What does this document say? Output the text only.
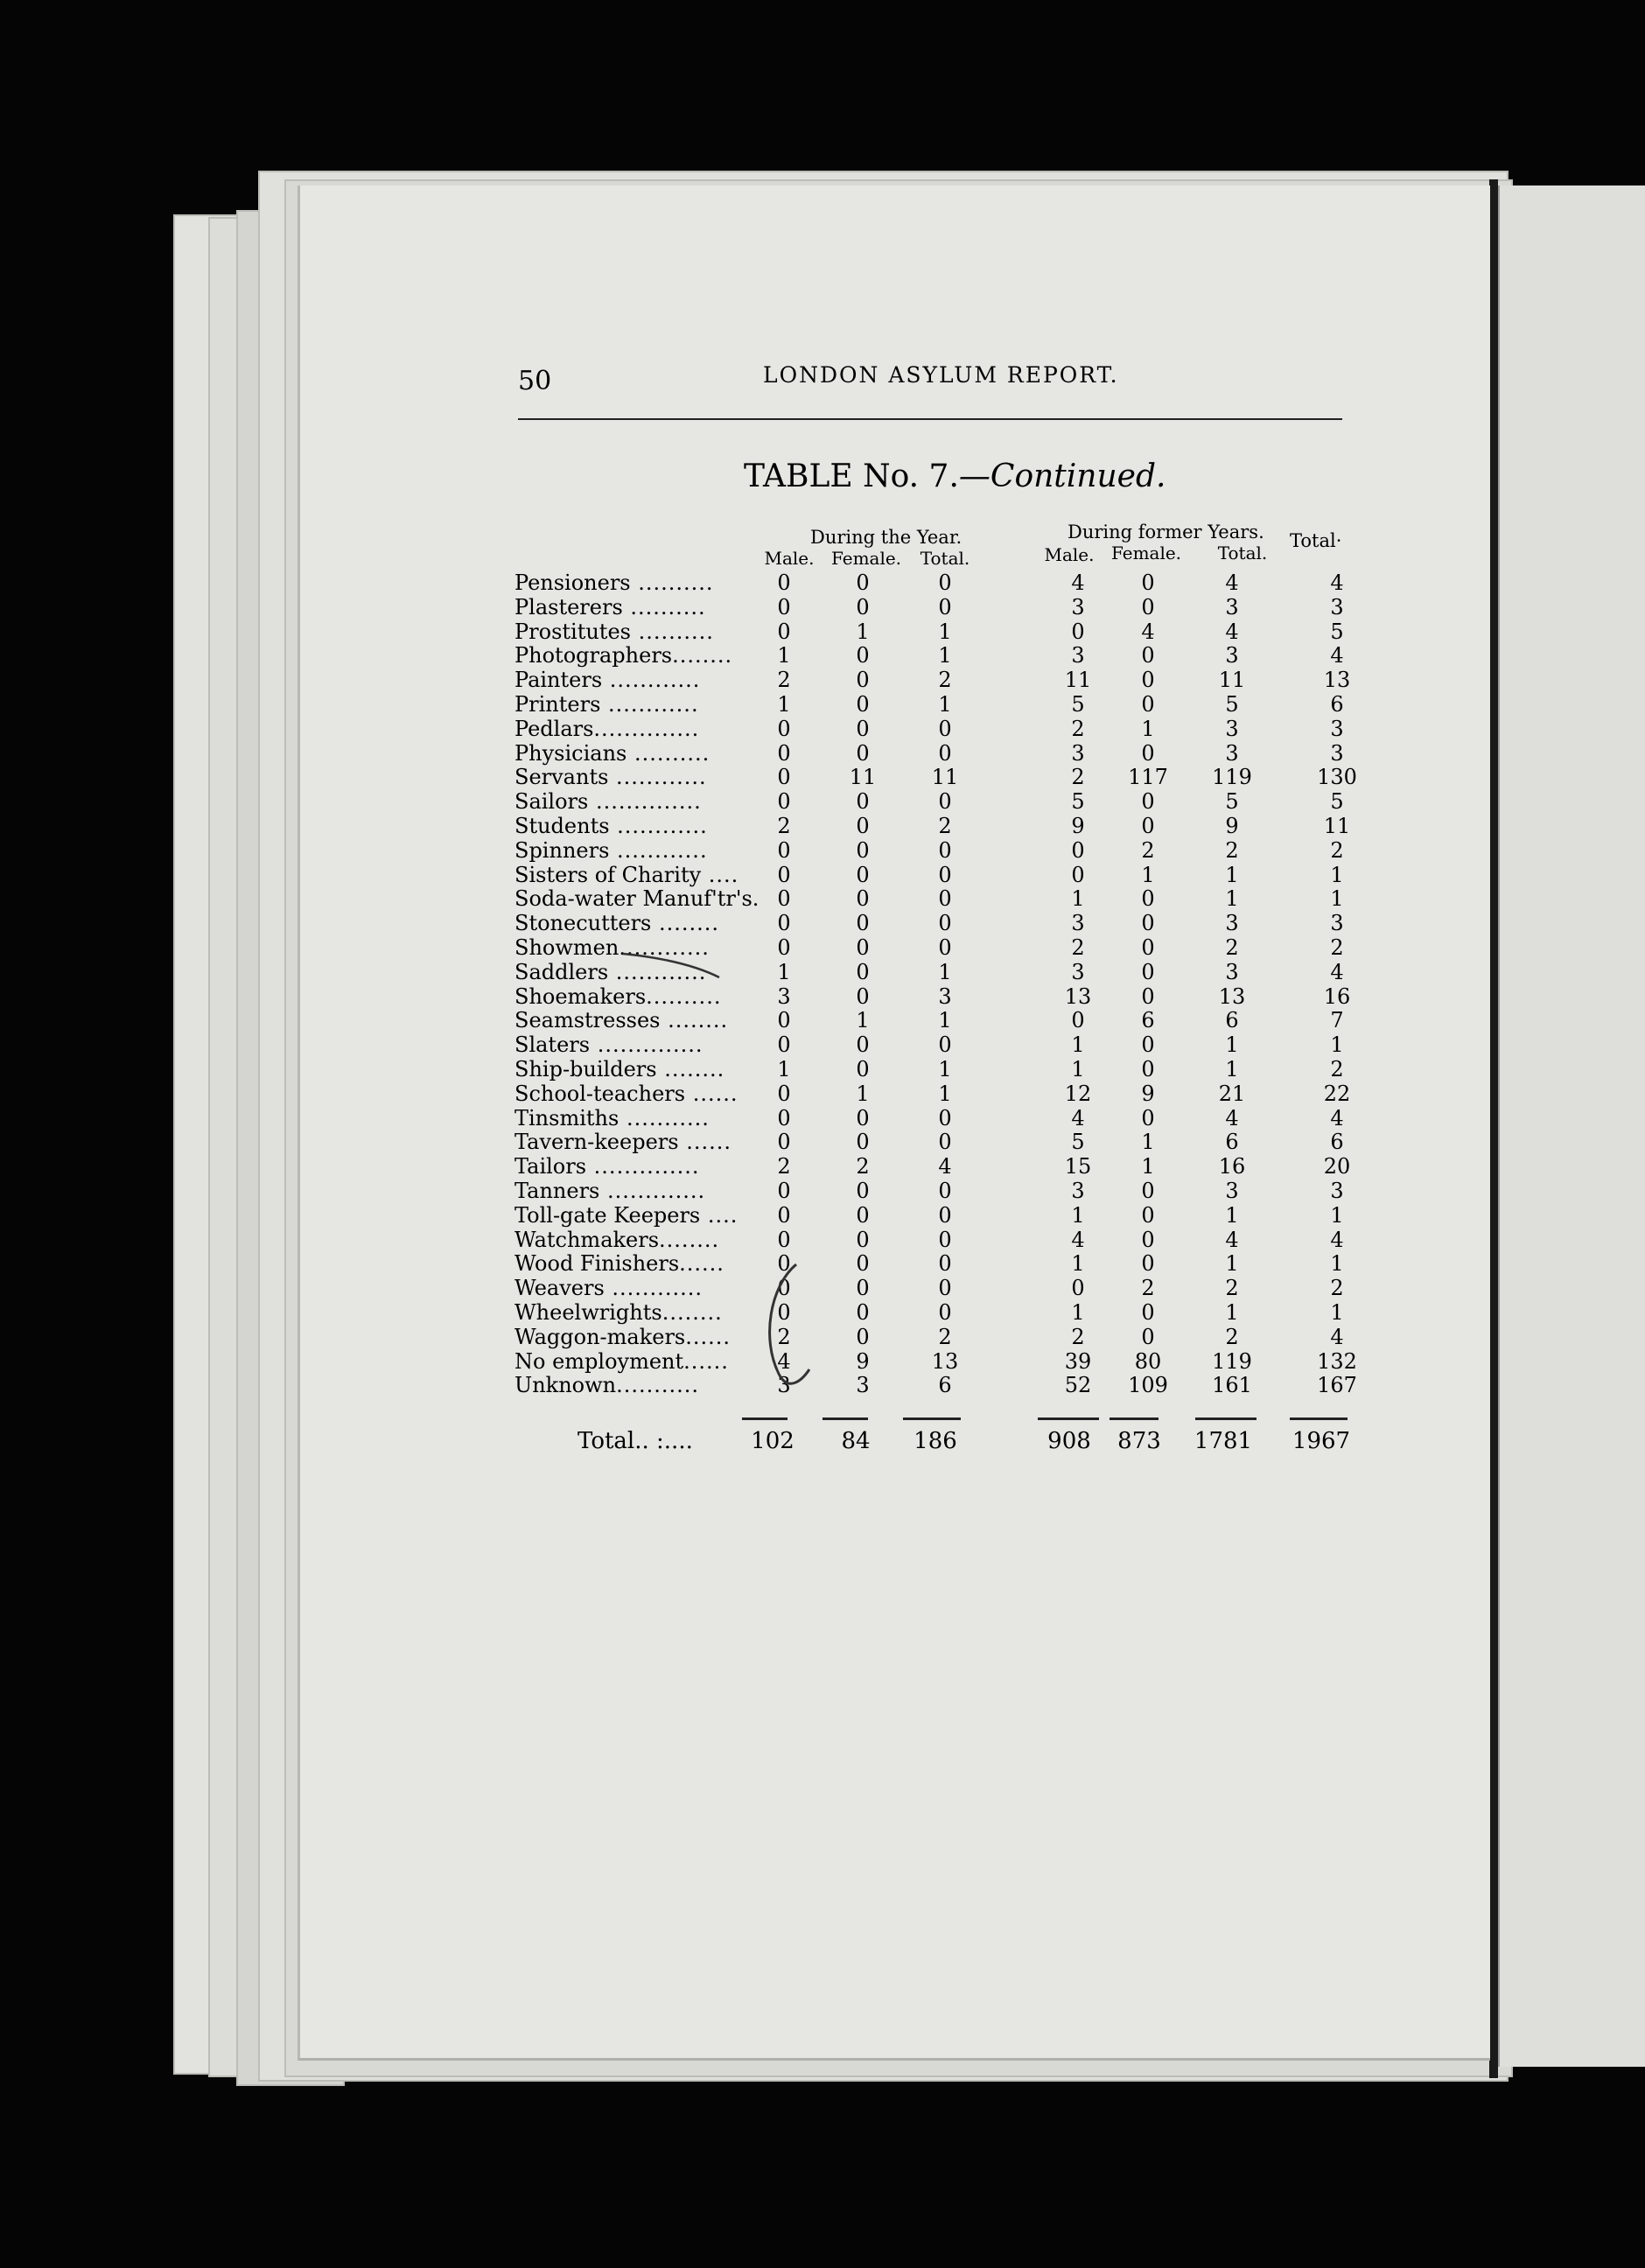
50	LONDON ASYLUM REPORT.
TABLE No. 7.—Continued.
During the Year.	During former Years. Total·
Male. Female. Total.	Male. Female. Total.
Pensioners ..........	0	0	0	4	0	4	4
Plasterers ..........	0	0	0	3	0	3	3
Prostitutes ..........	0	1	1	0	4	4	5
Photographers........	1	0	1	3	0	3	4
Painters ............	2	0	2	11	0	11	13
Printers ............	1	0	1	5	0	5	6
Pedlars..............	0	0	0	2	1	3	3
Physicians ..........	0	0	0	3	0	3	3
Servants ............	0	11	11	2	117	119	130
Sailors ..............	0	0	0	5	0	5	5
Students ............	2	0	2	9	0	9	11
Spinners ............	0	0	0	0	2	2	2
Sisters of Charity ....	0	0	0	0	1	1	1
Soda-water Manuf'tr's. 0	0	0	1	0	1	1
Stonecutters ........	0	0	0	3	0	3	3
Showmen............	0	0	0	2	0	2	2
Saddlers ............	1	0	1	3	0	3	4
Shoemakers..........	3	0	3	13	0	13	16
Seamstresses ........	0	1	1	0	6	6	7
Slaters ..............	0	0	0	1	0	1	1
Ship-builders ........	1	0	1	1	0	1	2
School-teachers ......	0	1	1	12	9	21	22
Tinsmiths ...........	0	0	0	4	0	4	4
Tavern-keepers ......	0	0	0	5	1	6	6
Tailors ..............	2	2	4	15	1	16	20
Tanners .............	0	0	0	3	0	3	3
Toll-gate Keepers ....	0	0	0	1	0	1	1
Watchmakers........	0	0	0	4	0	4	4
Wood Finishers......	0	0	0	1	0	1	1
Weavers ............	0	0	0	0	2	2	2
Wheelwrights........	0	0	0	1	0	1	1
Waggon-makers......	2	0	2	2	0	2	4
No employment......	4	9	13	39	80	119	132
Unknown...........	3	3	6	52	109	161	167
Total.. :....	102	84	186	908	873	1781 1967
